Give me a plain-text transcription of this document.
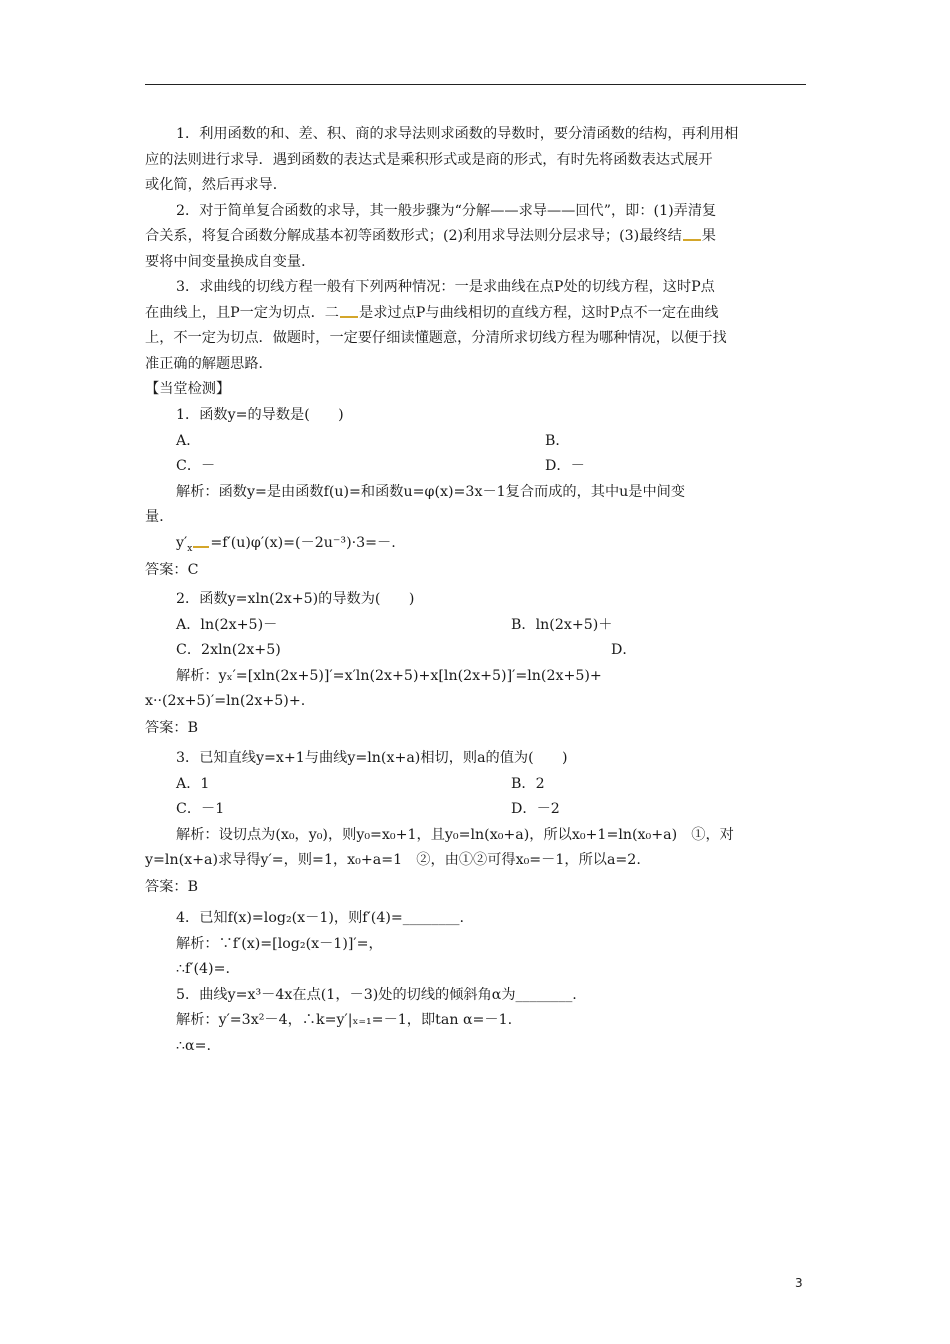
1．利用函数的和、差、积、商的求导法则求函数的导数时，要分清函数的结构，再利用相
应的法则进行求导．遇到函数的表达式是乘积形式或是商的形式，有时先将函数表达式展开
或化简，然后再求导．
2．对于简单复合函数的求导，其一般步骤为“分解——求导——回代”，即：(1)弄清复
合关系，将复合函数分解成基本初等函数形式；(2)利用求导法则分层求导；(3)最终结 果
要将中间变量换成自变量．
3．求曲线的切线方程一般有下列两种情况：一是求曲线在点P处的切线方程，这时P点
在曲线上，且P一定为切点．二 是求过点P与曲线相切的直线方程，这时P点不一定在曲线
上，不一定为切点．做题时，一定要仔细读懂题意，分清所求切线方程为哪种情况，以便于找
准正确的解题思路．
【当堂检测】
1．函数y=的导数是(　　)
A．	B．
C．－	D．－
解析：函数y=是由函数f(u)=和函数u=φ(x)=3x－1复合而成的，其中u是中间变
量．
$y'_x =f'(u)\varphi'(x)=(-2u^{-3})\cdot 3=-$.
答案：C
2．函数y=xln(2x+5)的导数为(　　)
A．ln(2x+5)－	B．ln(2x+5)＋
C．2xln(2x+5)	D．
解析：yₓ′=[xln(2x+5)]′=x′ln(2x+5)+x[ln(2x+5)]′=ln(2x+5)+
x··(2x+5)′=ln(2x+5)+.
答案：B
3．已知直线y=x+1与曲线y=ln(x+a)相切，则a的值为(　　)
A．1	B．2
C．－1	D．－2
解析：设切点为(x₀，y₀)，则y₀=x₀+1，且y₀=ln(x₀+a)，所以x₀+1=ln(x₀+a)　①，对
y=ln(x+a)求导得y′=，则=1，x₀+a=1　②，由①②可得x₀=－1，所以a=2.
答案：B
4．已知f(x)=log₂(x－1)，则f′(4)=________.
解析：∵f′(x)=[log₂(x－1)]′=，
∴f′(4)=.
5．曲线y=x³－4x在点(1，－3)处的切线的倾斜角α为________.
解析：y′=3x²－4，∴k=y′|ₓ₌₁=－1，即tan α=－1.
∴α=.
3
